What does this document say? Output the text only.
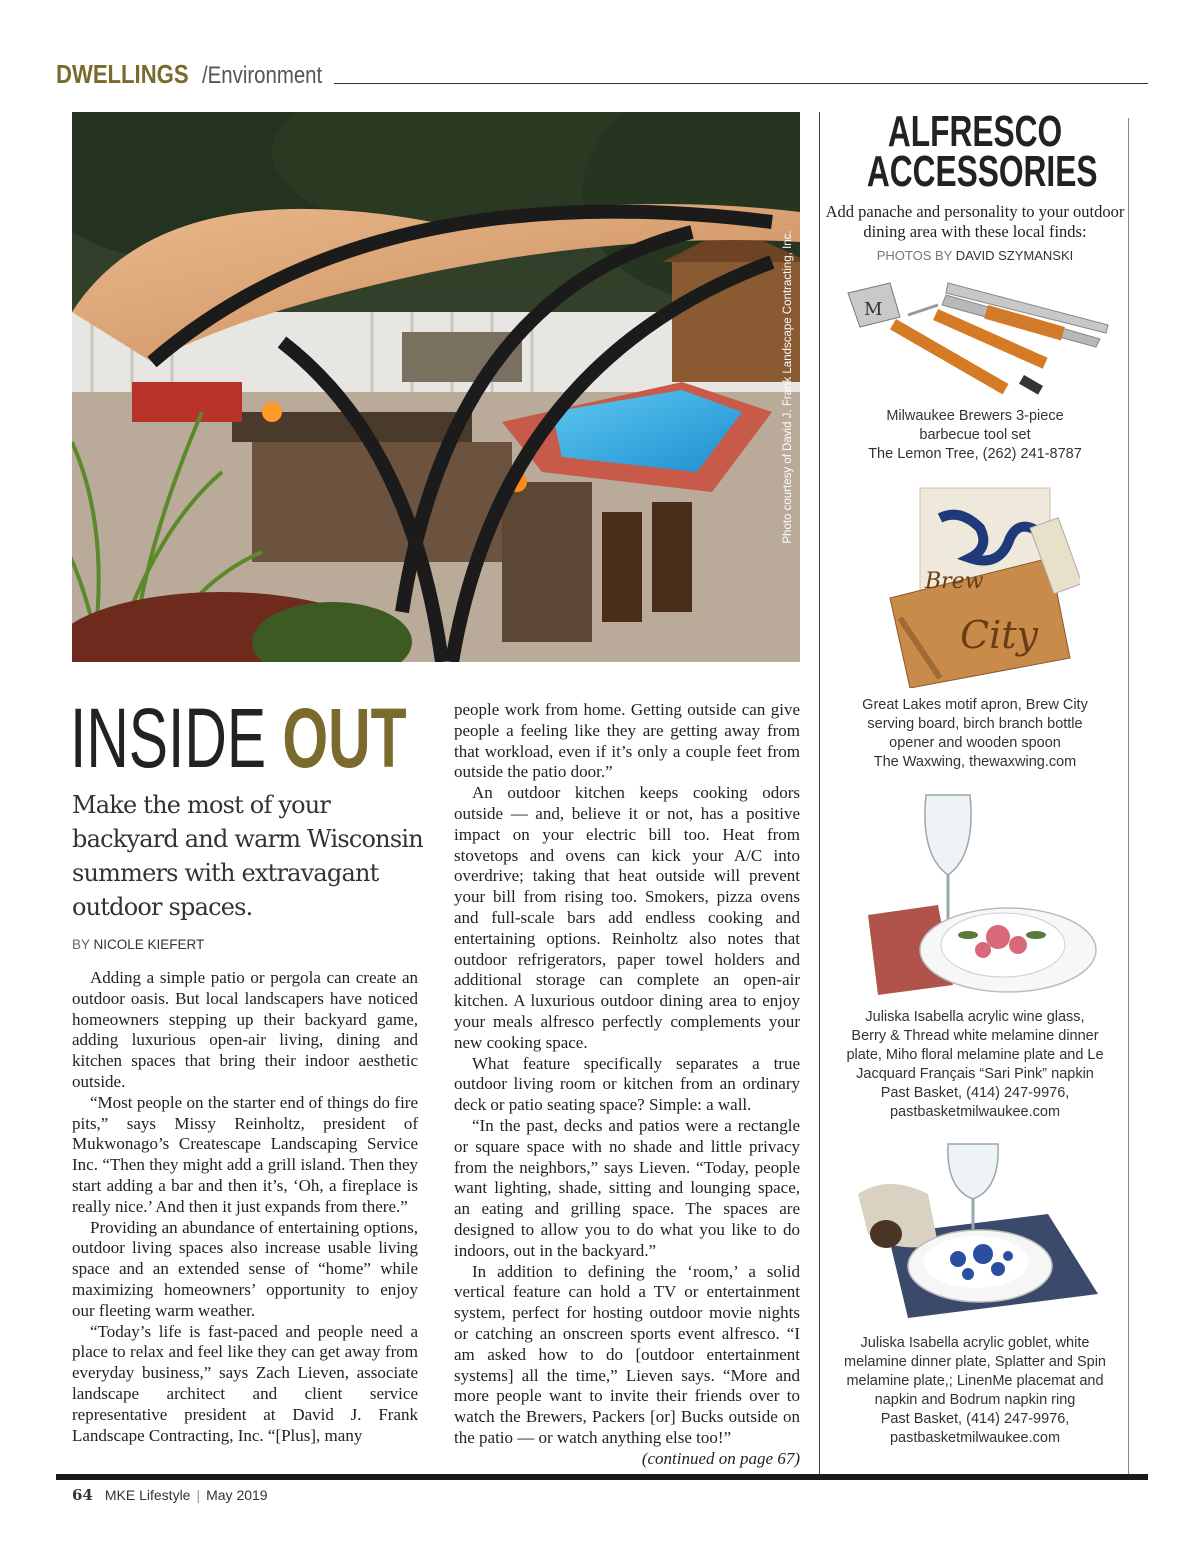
DWELLINGS /Environment
Photo courtesy of David J. Frank Landscape Contracting, Inc.
INSIDE OUT
Make the most of your backyard and warm Wisconsin summers with extravagant outdoor spaces.
BY NICOLE KIEFERT

Adding a simple patio or pergola can create an outdoor oasis. But local landscapers have noticed homeowners stepping up their backyard game, adding luxurious open-air living, dining and kitchen spaces that bring their indoor aesthetic outside.

“Most people on the starter end of things do fire pits,” says Missy Reinholtz, president of Mukwonago’s Createscape Landscaping Service Inc. “Then they might add a grill island. Then they start adding a bar and then it’s, ‘Oh, a fireplace is really nice.’ And then it just expands from there.”

Providing an abundance of entertaining options, outdoor living spaces also increase usable living space and an extended sense of “home” while maximizing homeowners’ opportunity to enjoy our fleeting warm weather.

“Today’s life is fast-paced and people need a place to relax and feel like they can get away from everyday business,” says Zach Lieven, associate landscape architect and client service representative president at David J. Frank Landscape Contracting, Inc. “[Plus], many

people work from home. Getting outside can give people a feeling like they are getting away from that workload, even if it’s only a couple feet from outside the patio door.”

An outdoor kitchen keeps cooking odors outside — and, believe it or not, has a positive impact on your electric bill too. Heat from stovetops and ovens can kick your A/C into overdrive; taking that heat outside will prevent your bill from rising too. Smokers, pizza ovens and full-scale bars add endless cooking and entertaining options. Reinholtz also notes that outdoor refrigerators, paper towel holders and additional storage can complete an open-air kitchen. A luxurious outdoor dining area to enjoy your meals alfresco perfectly complements your new cooking space.

What feature specifically separates a true outdoor living room or kitchen from an ordinary deck or patio seating space? Simple: a wall.

“In the past, decks and patios were a rectangle or square space with no shade and little privacy from the neighbors,” says Lieven. “Today, people want lighting, shade, sitting and lounging space, an eating and grilling space. The spaces are designed to allow you to do what you like to do indoors, out in the backyard.”

In addition to defining the ‘room,’ a solid vertical feature can hold a TV or entertainment system, perfect for hosting outdoor movie nights or catching an onscreen sports event alfresco. “I am asked how to do [outdoor entertainment systems] all the time,” Lieven says. “More and more people want to invite their friends over to watch the Brewers, Packers [or] Bucks outside on the patio — or watch anything else too!”

(continued on page 67)

ALFRESCO
ACCESSORIES
Add panache and personality to your outdoor dining area with these local finds:
PHOTOS BY DAVID SZYMANSKI
M
Milwaukee Brewers 3-piece
barbecue tool set
The Lemon Tree, (262) 241-8787
Brew
City
Great Lakes motif apron, Brew City
serving board, birch branch bottle
opener and wooden spoon
The Waxwing, thewaxwing.com
Juliska Isabella acrylic wine glass,
Berry & Thread white melamine dinner
plate, Miho floral melamine plate and Le
Jacquard Français “Sari Pink” napkin
Past Basket, (414) 247-9976,
pastbasketmilwaukee.com
Juliska Isabella acrylic goblet, white
melamine dinner plate, Splatter and Spin
melamine plate,; LinenMe placemat and
napkin and Bodrum napkin ring
Past Basket, (414) 247-9976,
pastbasketmilwaukee.com
64 MKE Lifestyle | May 2019
